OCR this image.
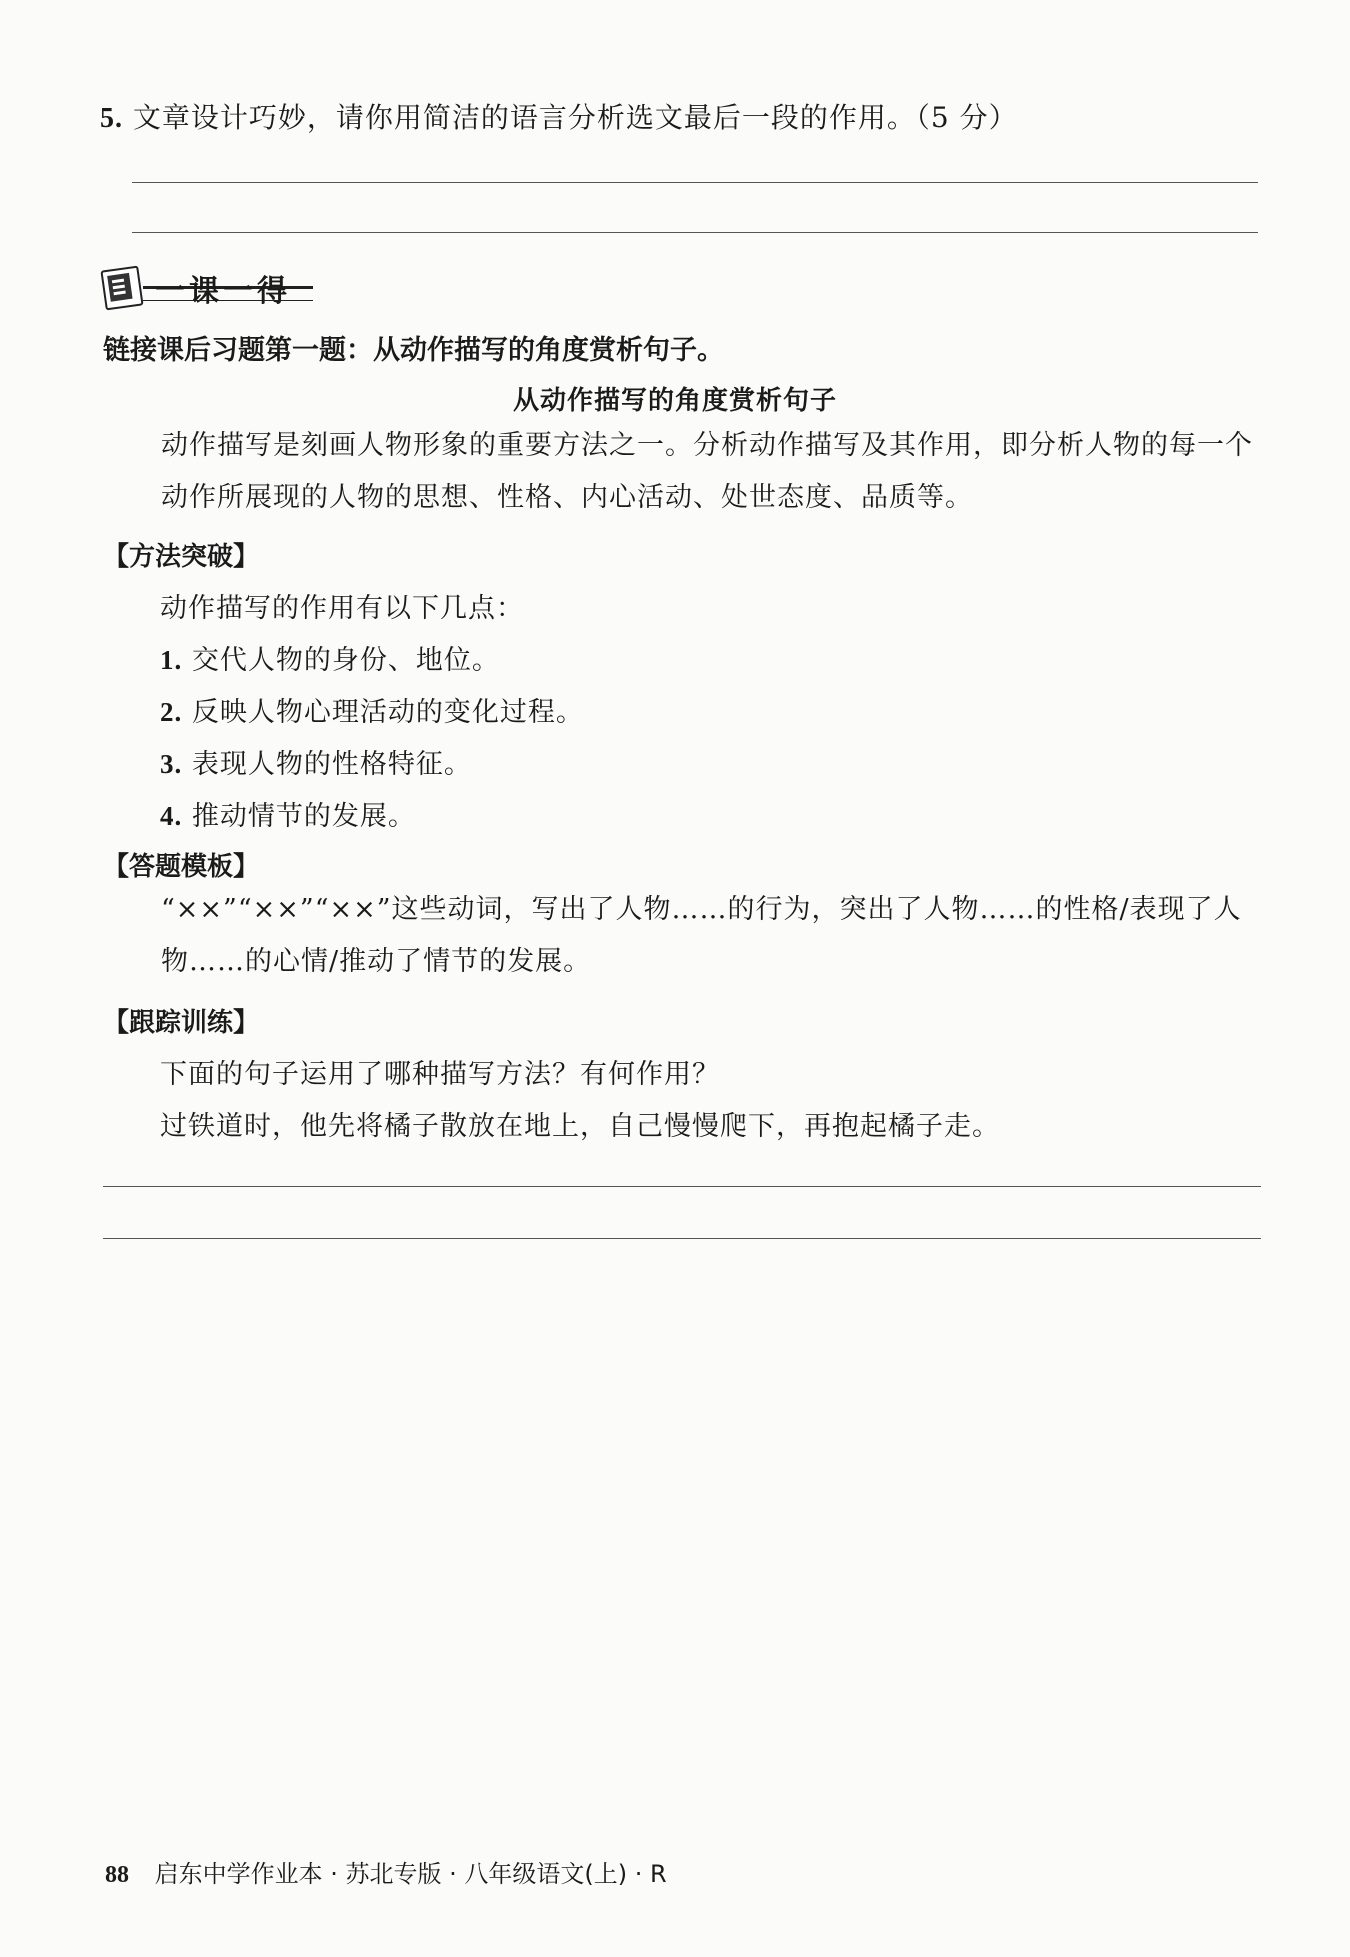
5. 文章设计巧妙，请你用简洁的语言分析选文最后一段的作用。（5 分）
一课一得
链接课后习题第一题：从动作描写的角度赏析句子。
从动作描写的角度赏析句子
动作描写是刻画人物形象的重要方法之一。分析动作描写及其作用，即分析人物的每一个动作所展现的人物的思想、性格、内心活动、处世态度、品质等。
【方法突破】
动作描写的作用有以下几点：
1. 交代人物的身份、地位。
2. 反映人物心理活动的变化过程。
3. 表现人物的性格特征。
4. 推动情节的发展。
【答题模板】
“××”“××”“××”这些动词，写出了人物……的行为，突出了人物……的性格/表现了人物……的心情/推动了情节的发展。
【跟踪训练】
下面的句子运用了哪种描写方法？有何作用？
过铁道时，他先将橘子散放在地上，自己慢慢爬下，再抱起橘子走。
88 启东中学作业本 · 苏北专版 · 八年级语文(上) · R
